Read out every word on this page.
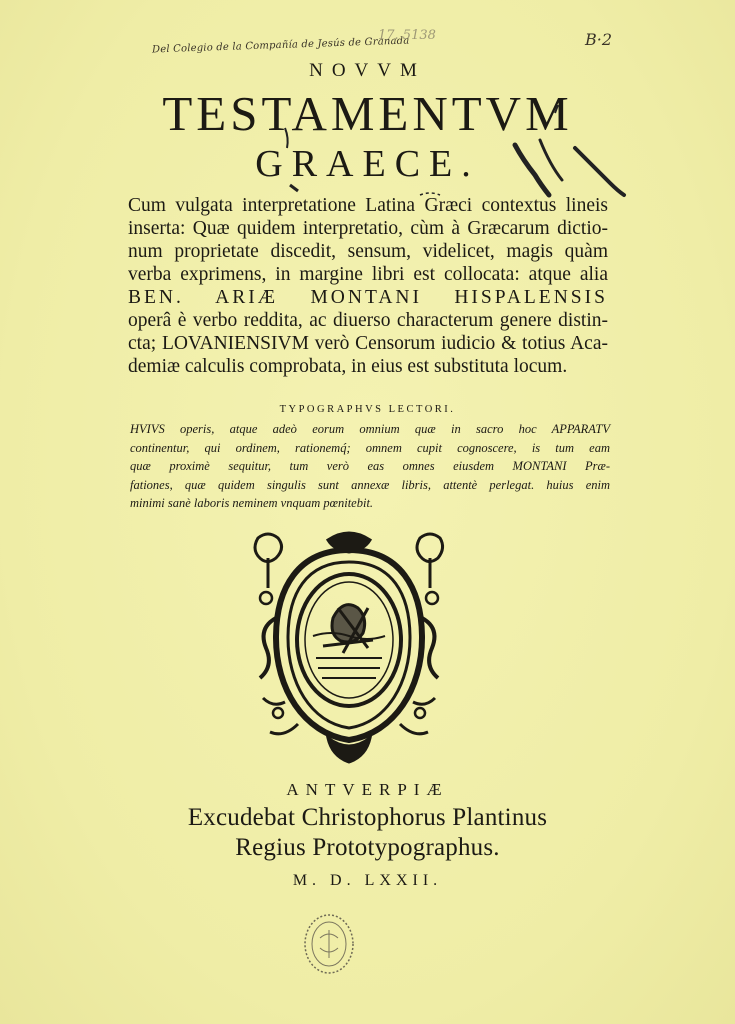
Del Colegio de la Compañía de Jesús de Granada
17. 5138	B·2
NOVVM
TESTAMENTVM
GRAECE.
Cum vulgata interpretatione Latina Græci contextus lineis
inserta: Quæ quidem interpretatio, cùm à Græcarum dictio-
num proprietate discedit, sensum, videlicet, magis quàm
verba exprimens, in margine libri est collocata: atque alia
BEN. ARIÆ MONTANI HISPALENSIS
operâ è verbo reddita, ac diuerso characterum genere distin-
cta; LOVANIENSIVM verò Censorum iudicio & totius Aca-
demiæ calculis comprobata, in eius est substituta locum.
TYPOGRAPHVS LECTORI.
HVIVS operis, atque adeò eorum omnium quæ in sacro hoc APPARATV
continentur, qui ordinem, rationemq́; omnem cupit cognoscere, is tum eam
quæ proximè sequitur, tum verò eas omnes eiusdem MONTANI Præ-
fationes, quæ quidem singulis sunt annexæ libris, attentè perlegat. huius enim
minimi sanè laboris neminem vnquam pœnitebit.
ANTVERPIÆ
Excudebat Christophorus Plantinus
Regius Prototypographus.
M. D. LXXII.
